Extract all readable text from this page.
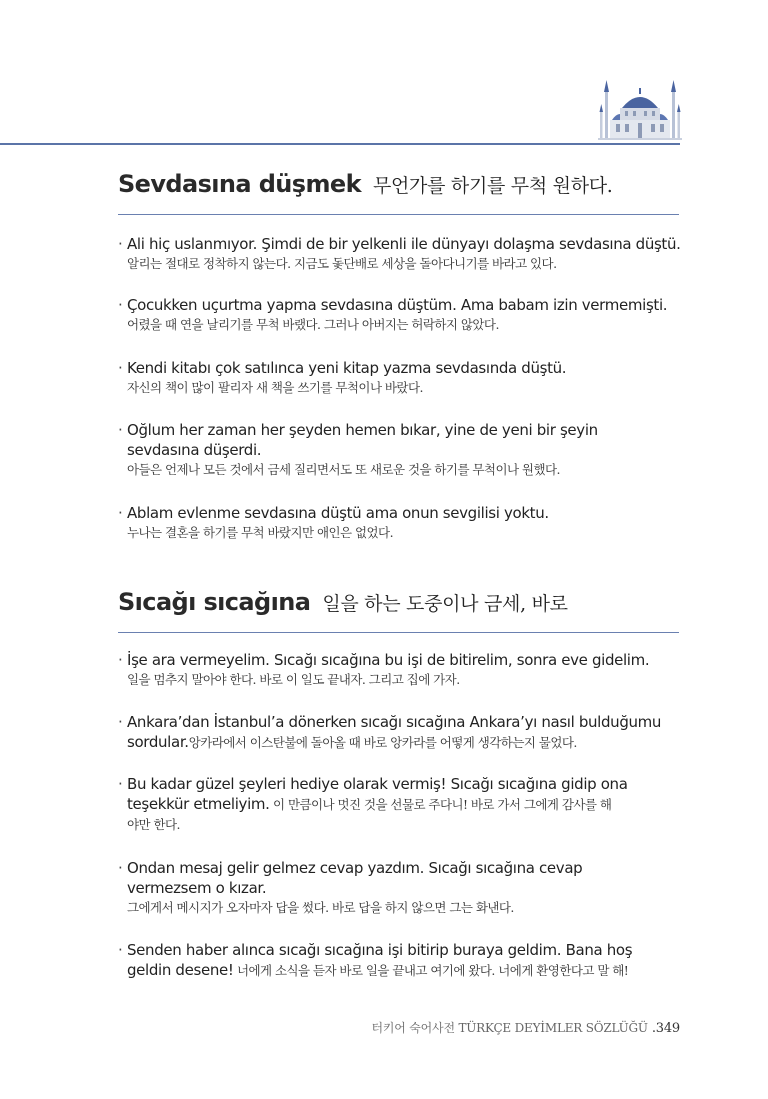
Sevdasına düşmek 무언가를 하기를 무척 원하다.
· Ali hiç uslanmıyor. Şimdi de bir yelkenli ile dünyayı dolaşma sevdasına düştü.
알리는 절대로 정착하지 않는다. 지금도 돛단배로 세상을 돌아다니기를 바라고 있다.
· Çocukken uçurtma yapma sevdasına düştüm. Ama babam izin vermemişti.
어렸을 때 연을 날리기를 무척 바랬다. 그러나 아버지는 허락하지 않았다.
· Kendi kitabı çok satılınca yeni kitap yazma sevdasında düştü.
자신의 책이 많이 팔리자 새 책을 쓰기를 무척이나 바랐다.
· Oğlum her zaman her şeyden hemen bıkar, yine de yeni bir şeyin
sevdasına düşerdi.
아들은 언제나 모든 것에서 금세 질리면서도 또 새로운 것을 하기를 무척이나 원했다.
· Ablam evlenme sevdasına düştü ama onun sevgilisi yoktu.
누나는 결혼을 하기를 무척 바랐지만 애인은 없었다.
Sıcağı sıcağına 일을 하는 도중이나 금세, 바로
· İşe ara vermeyelim. Sıcağı sıcağına bu işi de bitirelim, sonra eve gidelim.
일을 멈추지 말아야 한다. 바로 이 일도 끝내자. 그리고 집에 가자.
· Ankara’dan İstanbul’a dönerken sıcağı sıcağına Ankara’yı nasıl bulduğumu
sordular.앙카라에서 이스탄불에 돌아올 때 바로 앙카라를 어떻게 생각하는지 물었다.
· Bu kadar güzel şeyleri hediye olarak vermiş! Sıcağı sıcağına gidip ona
teşekkür etmeliyim. 이 만큼이나 멋진 것을 선물로 주다니! 바로 가서 그에게 감사를 해
야만 한다.
· Ondan mesaj gelir gelmez cevap yazdım. Sıcağı sıcağına cevap
vermezsem o kızar.
그에게서 메시지가 오자마자 답을 썼다. 바로 답을 하지 않으면 그는 화낸다.
· Senden haber alınca sıcağı sıcağına işi bitirip buraya geldim. Bana hoş
geldin desene! 너에게 소식을 듣자 바로 일을 끝내고 여기에 왔다. 너에게 환영한다고 말 해!
터키어 숙어사전 TÜRKÇE DEYİMLER SÖZLÜĞÜ .349
